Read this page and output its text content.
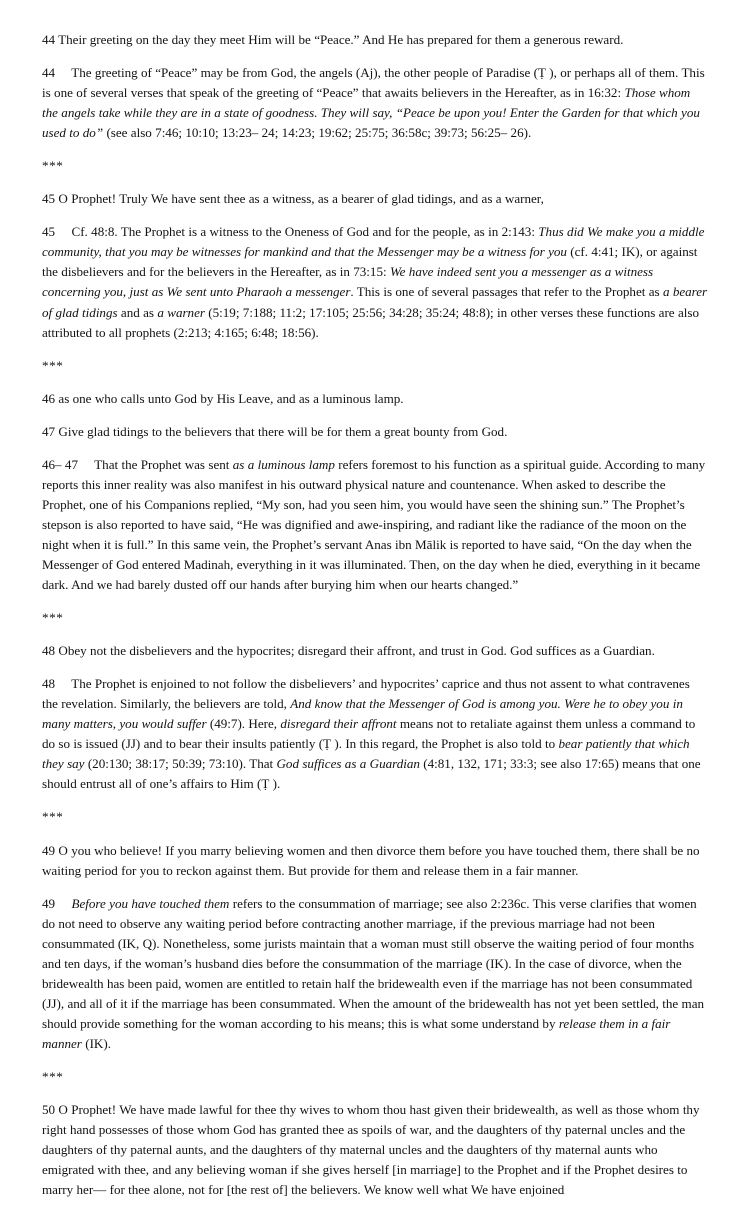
44 Their greeting on the day they meet Him will be “Peace.” And He has prepared for them a generous reward.

44  The greeting of “Peace” may be from God, the angels (Aj), the other people of Paradise (Ṭ ), or perhaps all of them. This is one of several verses that speak of the greeting of “Peace” that awaits believers in the Hereafter, as in 16:32: Those whom the angels take while they are in a state of goodness. They will say, “Peace be upon you! Enter the Garden for that which you used to do” (see also 7:46; 10:10; 13:23– 24; 14:23; 19:62; 25:75; 36:58c; 39:73; 56:25– 26).

***

45 O Prophet! Truly We have sent thee as a witness, as a bearer of glad tidings, and as a warner,

45  Cf. 48:8. The Prophet is a witness to the Oneness of God and for the people, as in 2:143: Thus did We make you a middle community, that you may be witnesses for mankind and that the Messenger may be a witness for you (cf. 4:41; IK), or against the disbelievers and for the believers in the Hereafter, as in 73:15: We have indeed sent you a messenger as a witness concerning you, just as We sent unto Pharaoh a messenger. This is one of several passages that refer to the Prophet as a bearer of glad tidings and as a warner (5:19; 7:188; 11:2; 17:105; 25:56; 34:28; 35:24; 48:8); in other verses these functions are also attributed to all prophets (2:213; 4:165; 6:48; 18:56).

***

46 as one who calls unto God by His Leave, and as a luminous lamp.

47 Give glad tidings to the believers that there will be for them a great bounty from God.

46– 47  That the Prophet was sent as a luminous lamp refers foremost to his function as a spiritual guide. According to many reports this inner reality was also manifest in his outward physical nature and countenance. When asked to describe the Prophet, one of his Companions replied, “My son, had you seen him, you would have seen the shining sun.” The Prophet’s stepson is also reported to have said, “He was dignified and awe-inspiring, and radiant like the radiance of the moon on the night when it is full.” In this same vein, the Prophet’s servant Anas ibn Mālik is reported to have said, “On the day when the Messenger of God entered Madinah, everything in it was illuminated. Then, on the day when he died, everything in it became dark. And we had barely dusted off our hands after burying him when our hearts changed.”

***

48 Obey not the disbelievers and the hypocrites; disregard their affront, and trust in God. God suffices as a Guardian.

48  The Prophet is enjoined to not follow the disbelievers’ and hypocrites’ caprice and thus not assent to what contravenes the revelation. Similarly, the believers are told, And know that the Messenger of God is among you. Were he to obey you in many matters, you would suffer (49:7). Here, disregard their affront means not to retaliate against them unless a command to do so is issued (JJ) and to bear their insults patiently (Ṭ ). In this regard, the Prophet is also told to bear patiently that which they say (20:130; 38:17; 50:39; 73:10). That God suffices as a Guardian (4:81, 132, 171; 33:3; see also 17:65) means that one should entrust all of one’s affairs to Him (Ṭ ).

***

49 O you who believe! If you marry believing women and then divorce them before you have touched them, there shall be no waiting period for you to reckon against them. But provide for them and release them in a fair manner.

49  Before you have touched them refers to the consummation of marriage; see also 2:236c. This verse clarifies that women do not need to observe any waiting period before contracting another marriage, if the previous marriage had not been consummated (IK, Q). Nonetheless, some jurists maintain that a woman must still observe the waiting period of four months and ten days, if the woman’s husband dies before the consummation of the marriage (IK). In the case of divorce, when the bridewealth has been paid, women are entitled to retain half the bridewealth even if the marriage has not been consummated (JJ), and all of it if the marriage has been consummated. When the amount of the bridewealth has not yet been settled, the man should provide something for the woman according to his means; this is what some understand by release them in a fair manner (IK).

***

50 O Prophet! We have made lawful for thee thy wives to whom thou hast given their bridewealth, as well as those whom thy right hand possesses of those whom God has granted thee as spoils of war, and the daughters of thy paternal uncles and the daughters of thy paternal aunts, and the daughters of thy maternal uncles and the daughters of thy maternal aunts who emigrated with thee, and any believing woman if she gives herself [in marriage] to the Prophet and if the Prophet desires to marry her— for thee alone, not for [the rest of] the believers. We know well what We have enjoined
